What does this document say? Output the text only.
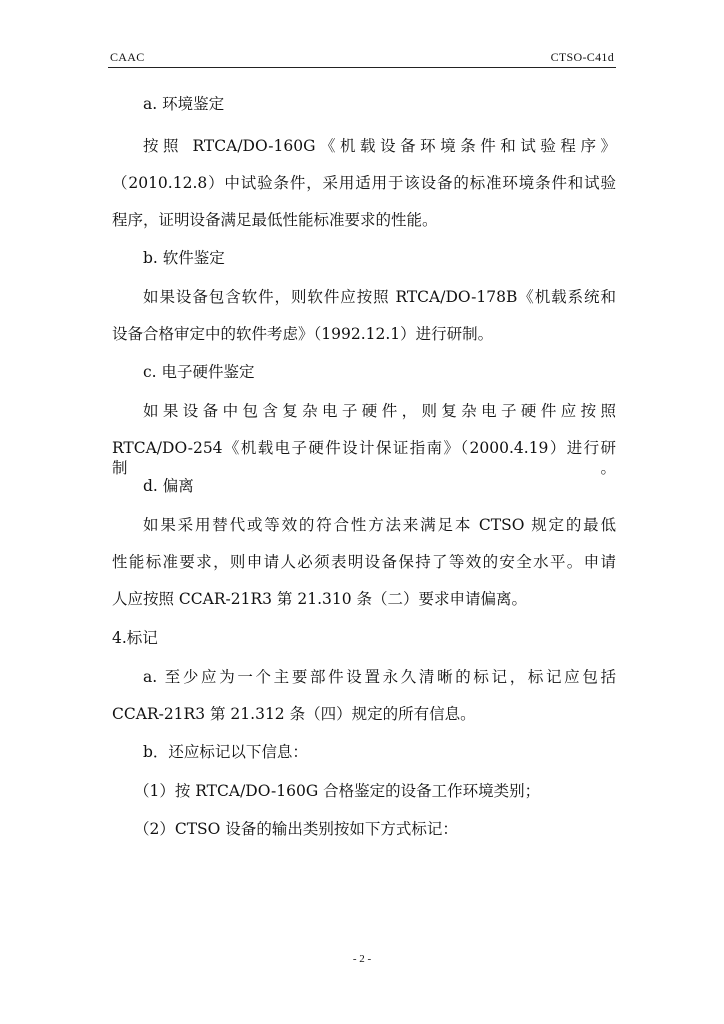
CAAC	CTSO-C41d
a. 环境鉴定
按照 RTCA/DO-160G《机载设备环境条件和试验程序》
（2010.12.8）中试验条件，采用适用于该设备的标准环境条件和试验
程序，证明设备满足最低性能标准要求的性能。
b. 软件鉴定
如果设备包含软件，则软件应按照 RTCA/DO-178B《机载系统和
设备合格审定中的软件考虑》（1992.12.1）进行研制。
c. 电子硬件鉴定
如果设备中包含复杂电子硬件，则复杂电子硬件应按照
RTCA/DO-254《机载电子硬件设计保证指南》（2000.4.19）进行研制。
d. 偏离
如果采用替代或等效的符合性方法来满足本 CTSO 规定的最低
性能标准要求，则申请人必须表明设备保持了等效的安全水平。申请
人应按照 CCAR-21R3 第 21.310 条（二）要求申请偏离。
4.标记
a. 至少应为一个主要部件设置永久清晰的标记，标记应包括
CCAR-21R3 第 21.312 条（四）规定的所有信息。
b．还应标记以下信息：
（1）按 RTCA/DO-160G 合格鉴定的设备工作环境类别；
（2）CTSO 设备的输出类别按如下方式标记：
- 2 -
